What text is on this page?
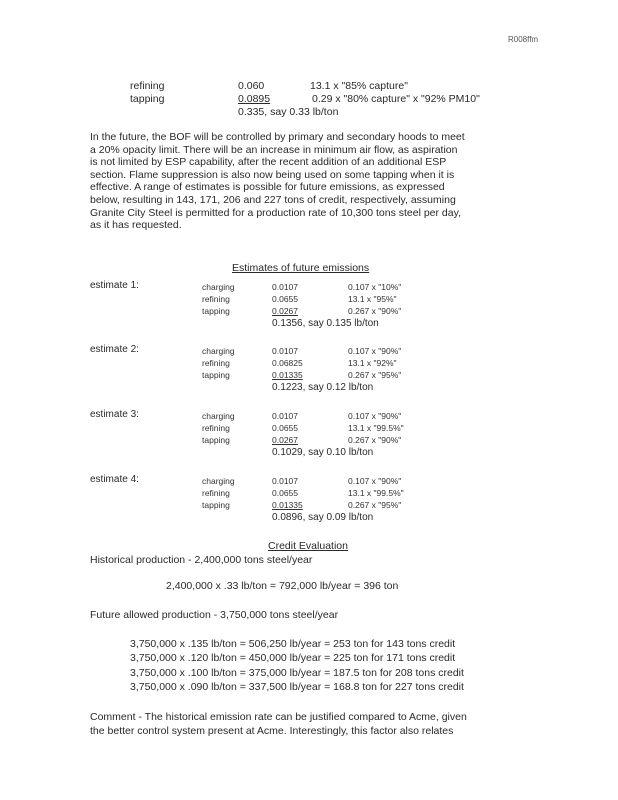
R008ffm
refining	0.060	13.1 x "85% capture"
tapping	0.0895	0.29 x "80% capture" x "92% PM10"
0.335, say 0.33 lb/ton
In the future, the BOF will be controlled by primary and secondary hoods to meet
a 20% opacity limit. There will be an increase in minimum air flow, as aspiration
is not limited by ESP capability, after the recent addition of an additional ESP
section. Flame suppression is also now being used on some tapping when it is
effective. A range of estimates is possible for future emissions, as expressed
below, resulting in 143, 171, 206 and 227 tons of credit, respectively, assuming
Granite City Steel is permitted for a production rate of 10,300 tons steel per day,
as it has requested.
Estimates of future emissions
estimate 1:	charging	0.0107	0.107 x "10%"
refining	0.0655	13.1 x "95%"
tapping	0.0267	0.267 x "90%"
0.1356, say 0.135 lb/ton
estimate 2:	charging	0.0107	0.107 x "90%"
refining	0.06825	13.1 x "92%"
tapping	0.01335	0.267 x "95%"
0.1223, say 0.12 lb/ton
estimate 3:	charging	0.0107	0.107 x "90%"
refining	0.0655	13.1 x "99.5%"
tapping	0.0267	0.267 x "90%"
0.1029, say 0.10 lb/ton
estimate 4:	charging	0.0107	0.107 x "90%"
refining	0.0655	13.1 x "99.5%"
tapping	0.01335	0.267 x "95%"
0.0896, say 0.09 lb/ton
Credit Evaluation
Historical production - 2,400,000 tons steel/year
2,400,000 x .33 lb/ton = 792,000 lb/year = 396 ton
Future allowed production - 3,750,000 tons steel/year
3,750,000 x .135 lb/ton = 506,250 lb/year = 253 ton for 143 tons credit
3,750,000 x .120 lb/ton = 450,000 lb/year = 225 ton for 171 tons credit
3,750,000 x .100 lb/ton = 375,000 lb/year = 187.5 ton for 208 tons credit
3,750,000 x .090 lb/ton = 337,500 lb/year = 168.8 ton for 227 tons credit
Comment - The historical emission rate can be justified compared to Acme, given
the better control system present at Acme. Interestingly, this factor also relates
